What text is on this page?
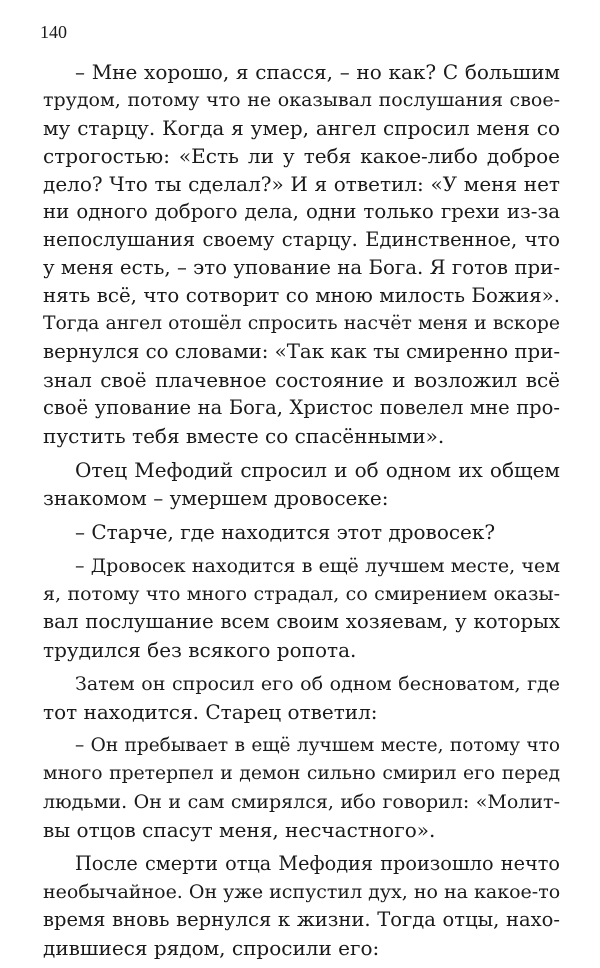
140
– Мне хорошо, я спасся, – но как? С большим
трудом, потому что не оказывал послушания свое-
му старцу. Когда я умер, ангел спросил меня со
строгостью: «Есть ли у тебя какое-либо доброе
дело? Что ты сделал?» И я ответил: «У меня нет
ни одного доброго дела, одни только грехи из-за
непослушания своему старцу. Единственное, что
у меня есть, – это упование на Бога. Я готов при-
нять всё, что сотворит со мною милость Божия».
Тогда ангел отошёл спросить насчёт меня и вскоре
вернулся со словами: «Так как ты смиренно при-
знал своё плачевное состояние и возложил всё
своё упование на Бога, Христос повелел мне про-
пустить тебя вместе со спасёнными».
Отец Мефодий спросил и об одном их общем
знакомом – умершем дровосеке:
– Старче, где находится этот дровосек?
– Дровосек находится в ещё лучшем месте, чем
я, потому что много страдал, со смирением оказы-
вал послушание всем своим хозяевам, у которых
трудился без всякого ропота.
Затем он спросил его об одном бесноватом, где
тот находится. Старец ответил:
– Он пребывает в ещё лучшем месте, потому что
много претерпел и демон сильно смирил его перед
людьми. Он и сам смирялся, ибо говорил: «Молит-
вы отцов спасут меня, несчастного».
После смерти отца Мефодия произошло нечто
необычайное. Он уже испустил дух, но на какое-то
время вновь вернулся к жизни. Тогда отцы, нахо-
дившиеся рядом, спросили его:
